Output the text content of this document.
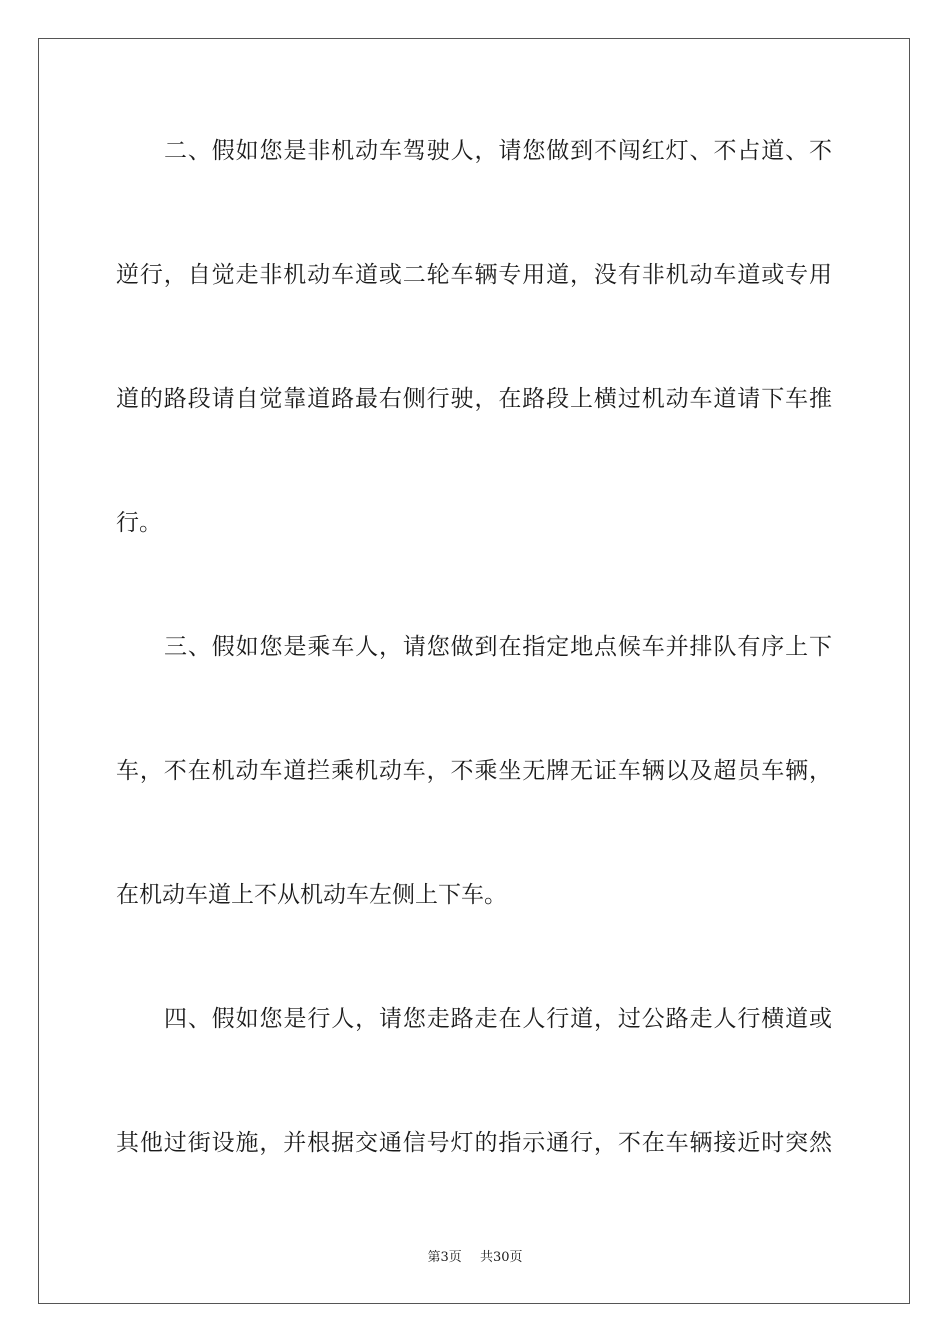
二、假如您是非机动车驾驶人，请您做到不闯红灯、不占道、不
逆行，自觉走非机动车道或二轮车辆专用道，没有非机动车道或专用
道的路段请自觉靠道路最右侧行驶，在路段上横过机动车道请下车推
行。
三、假如您是乘车人，请您做到在指定地点候车并排队有序上下
车，不在机动车道拦乘机动车，不乘坐无牌无证车辆以及超员车辆，
在机动车道上不从机动车左侧上下车。
四、假如您是行人，请您走路走在人行道，过公路走人行横道或
其他过街设施，并根据交通信号灯的指示通行，不在车辆接近时突然
第3页 共30页
